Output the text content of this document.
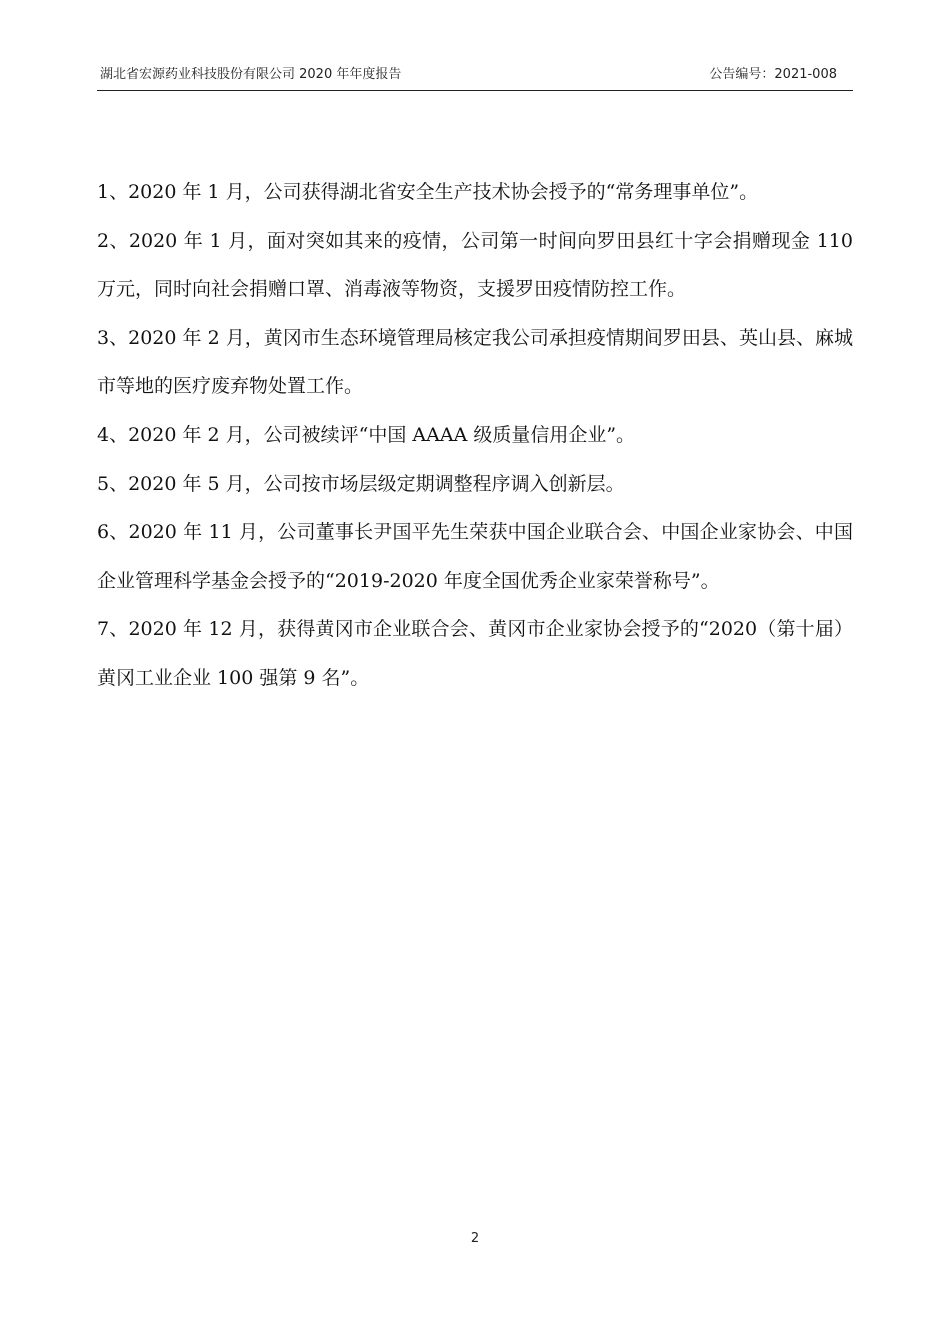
湖北省宏源药业科技股份有限公司 2020 年年度报告	公告编号：2021-008

1、2020 年 1 月，公司获得湖北省安全生产技术协会授予的“常务理事单位”。

2、2020 年 1 月，面对突如其来的疫情，公司第一时间向罗田县红十字会捐赠现金 110 万元，同时向社会捐赠口罩、消毒液等物资，支援罗田疫情防控工作。

3、2020 年 2 月，黄冈市生态环境管理局核定我公司承担疫情期间罗田县、英山县、麻城市等地的医疗废弃物处置工作。

4、2020 年 2 月，公司被续评“中国 AAAA 级质量信用企业”。

5、2020 年 5 月，公司按市场层级定期调整程序调入创新层。

6、2020 年 11 月，公司董事长尹国平先生荣获中国企业联合会、中国企业家协会、中国企业管理科学基金会授予的“2019-2020 年度全国优秀企业家荣誉称号”。

7、2020 年 12 月，获得黄冈市企业联合会、黄冈市企业家协会授予的“2020（第十届）黄冈工业企业 100 强第 9 名”。

2
